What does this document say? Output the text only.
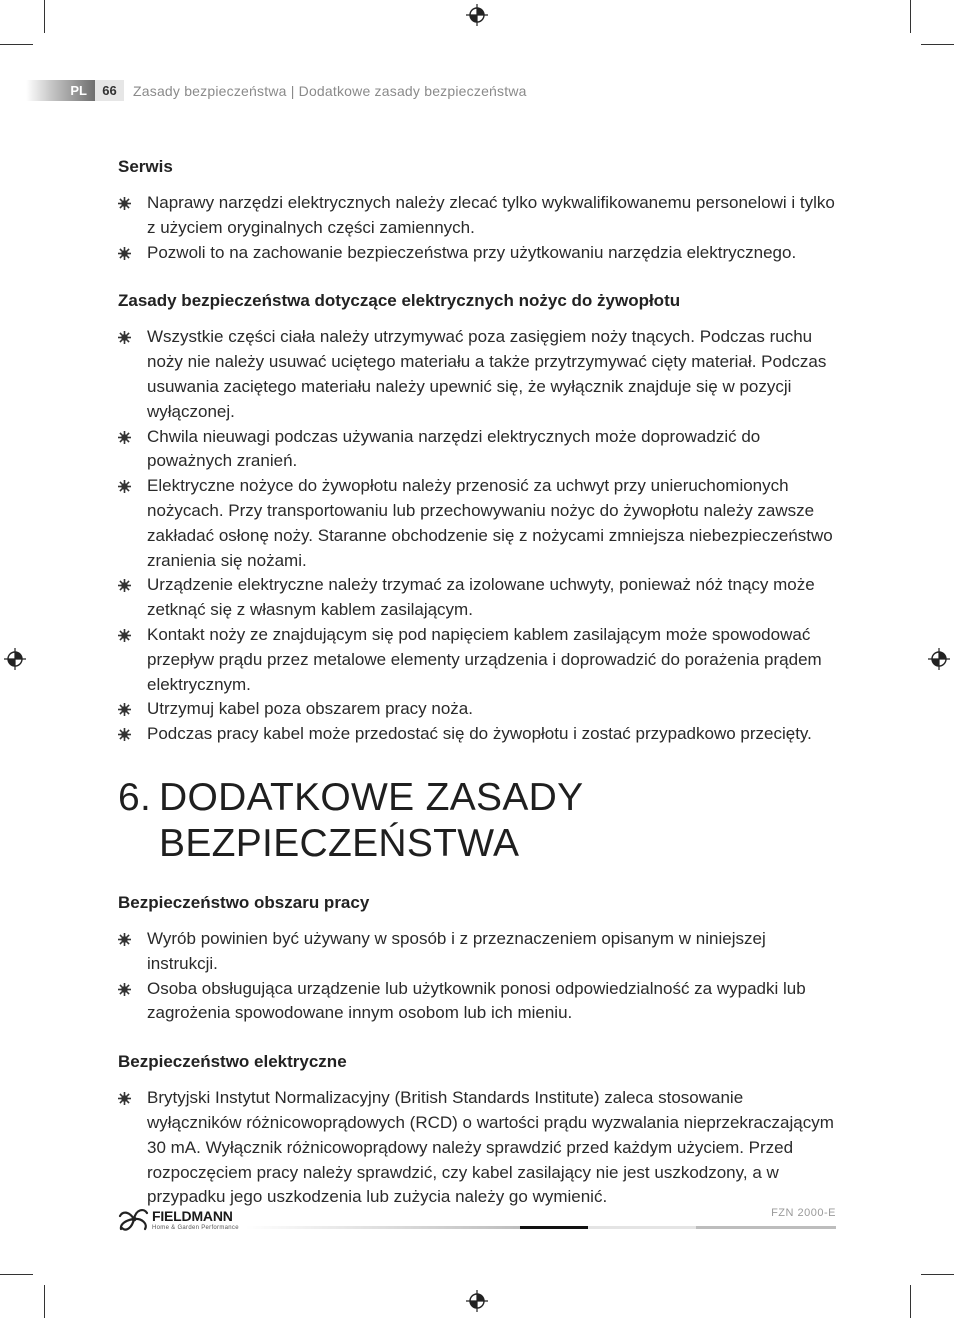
PL	66	Zasady bezpieczeństwa | Dodatkowe zasady bezpieczeństwa
Serwis
Naprawy narzędzi elektrycznych należy zlecać tylko wykwalifikowanemu personelowi i tylko z użyciem oryginalnych części zamiennych.
Pozwoli to na zachowanie bezpieczeństwa przy użytkowaniu narzędzia elektrycznego.
Zasady bezpieczeństwa dotyczące elektrycznych nożyc do żywopłotu
Wszystkie części ciała należy utrzymywać poza zasięgiem noży tnących. Podczas ruchu noży nie należy usuwać uciętego materiału a także przytrzymywać cięty materiał. Podczas usuwania zaciętego materiału należy upewnić się, że wyłącznik znajduje się w pozycji wyłączonej.
Chwila nieuwagi podczas używania narzędzi elektrycznych może doprowadzić do poważnych zranień.
Elektryczne nożyce do żywopłotu należy przenosić za uchwyt przy unieruchomionych nożycach. Przy transportowaniu lub przechowywaniu nożyc do żywopłotu należy zawsze zakładać osłonę noży. Staranne obchodzenie się z nożycami zmniejsza niebezpieczeństwo zranienia się nożami.
Urządzenie elektryczne należy trzymać za izolowane uchwyty, ponieważ nóż tnący może zetknąć się z własnym kablem zasilającym.
Kontakt noży ze znajdującym się pod napięciem kablem zasilającym może spowodować przepływ prądu przez metalowe elementy urządzenia i doprowadzić do porażenia prądem elektrycznym.
Utrzymuj kabel poza obszarem pracy noża.
Podczas pracy kabel może przedostać się do żywopłotu i zostać przypadkowo przecięty.
6. DODATKOWE ZASADY
BEZPIECZEŃSTWA
Bezpieczeństwo obszaru pracy
Wyrób powinien być używany w sposób i z przeznaczeniem opisanym w niniejszej instrukcji.
Osoba obsługująca urządzenie lub użytkownik ponosi odpowiedzialność za wypadki lub zagrożenia spowodowane innym osobom lub ich mieniu.
Bezpieczeństwo elektryczne
Brytyjski Instytut Normalizacyjny (British Standards Institute) zaleca stosowanie wyłączników różnicowoprądowych (RCD) o wartości prądu wyzwalania nieprzekraczającym 30 mA. Wyłącznik różnicowoprądowy należy sprawdzić przed każdym użyciem. Przed rozpoczęciem pracy należy sprawdzić, czy kabel zasilający nie jest uszkodzony, a w przypadku jego uszkodzenia lub zużycia należy go wymienić.
FIELDMANN
Home & Garden Performance
FZN 2000-E
